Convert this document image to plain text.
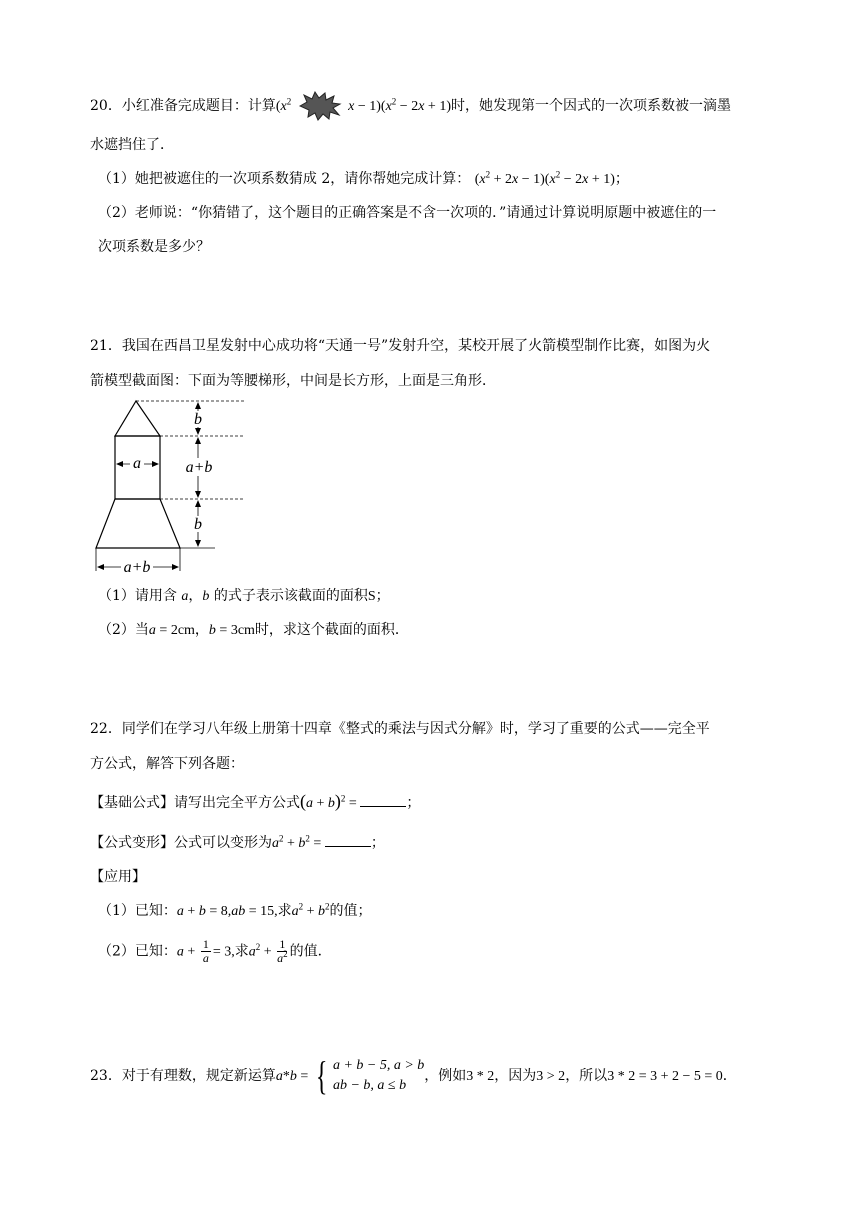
20．小红准备完成题目：计算($x^2$	$x - 1)(x^2 - 2x + 1)$时，她发现第一个因式的一次项系数被一滴墨
水遮挡住了．
（1）她把被遮住的一次项系数猜成 2，请你帮她完成计算： $(x^2 + 2x - 1)(x^2 - 2x + 1)$；
（2）老师说：“你猜错了，这个题目的正确答案是不含一次项的．”请通过计算说明原题中被遮住的一
次项系数是多少？
21．我国在西昌卫星发射中心成功将“天通一号”发射升空，某校开展了火箭模型制作比赛，如图为火
箭模型截面图：下面为等腰梯形，中间是长方形，上面是三角形．
b
a+b
b
a
a+b
（1）请用含 a，b 的式子表示该截面的面积S；
（2）当a = 2cm，b = 3cm时，求这个截面的面积．
22．同学们在学习八年级上册第十四章《整式的乘法与因式分解》时，学习了重要的公式——完全平
方公式，解答下列各题：
【基础公式】请写出完全平方公式$(a + b)^2$ =	；
【公式变形】公式可以变形为$a^2 + b^2$ =	；
【应用】
（1）已知：a + b = 8,ab = 15,求$a^2 + b^2$的值；
（2）已知：$a + \frac{1}{a} = 3$,求$a^2 + \frac{1}{a^2}$ 的值．
23．对于有理数，规定新运算a*b = { a + b − 5, a > b
ab − b, a ≤ b
，例如3 * 2，因为3 > 2，所以3 * 2 = 3 + 2 − 5 = 0．
